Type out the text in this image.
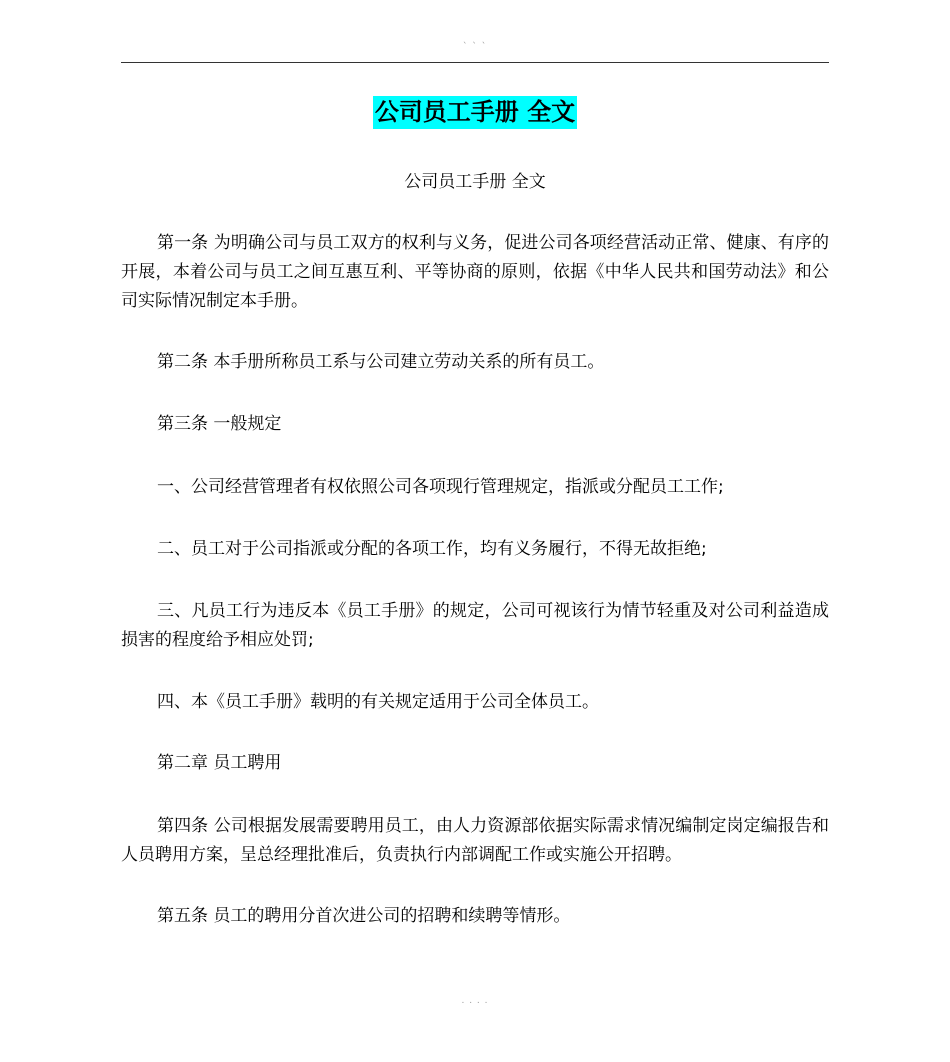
` ` `
公司员工手册 全文
公司员工手册 全文

第一条 为明确公司与员工双方的权利与义务，促进公司各项经营活动正常、健康、有序的开展，本着公司与员工之间互惠互利、平等协商的原则，依据《中华人民共和国劳动法》和公司实际情况制定本手册。

第二条 本手册所称员工系与公司建立劳动关系的所有员工。

第三条 一般规定

一、公司经营管理者有权依照公司各项现行管理规定，指派或分配员工工作;

二、员工对于公司指派或分配的各项工作，均有义务履行，不得无故拒绝;

三、凡员工行为违反本《员工手册》的规定，公司可视该行为情节轻重及对公司利益造成损害的程度给予相应处罚;

四、本《员工手册》载明的有关规定适用于公司全体员工。

第二章 员工聘用

第四条 公司根据发展需要聘用员工，由人力资源部依据实际需求情况编制定岗定编报告和人员聘用方案，呈总经理批准后，负责执行内部调配工作或实施公开招聘。

第五条 员工的聘用分首次进公司的招聘和续聘等情形。

. . . .
